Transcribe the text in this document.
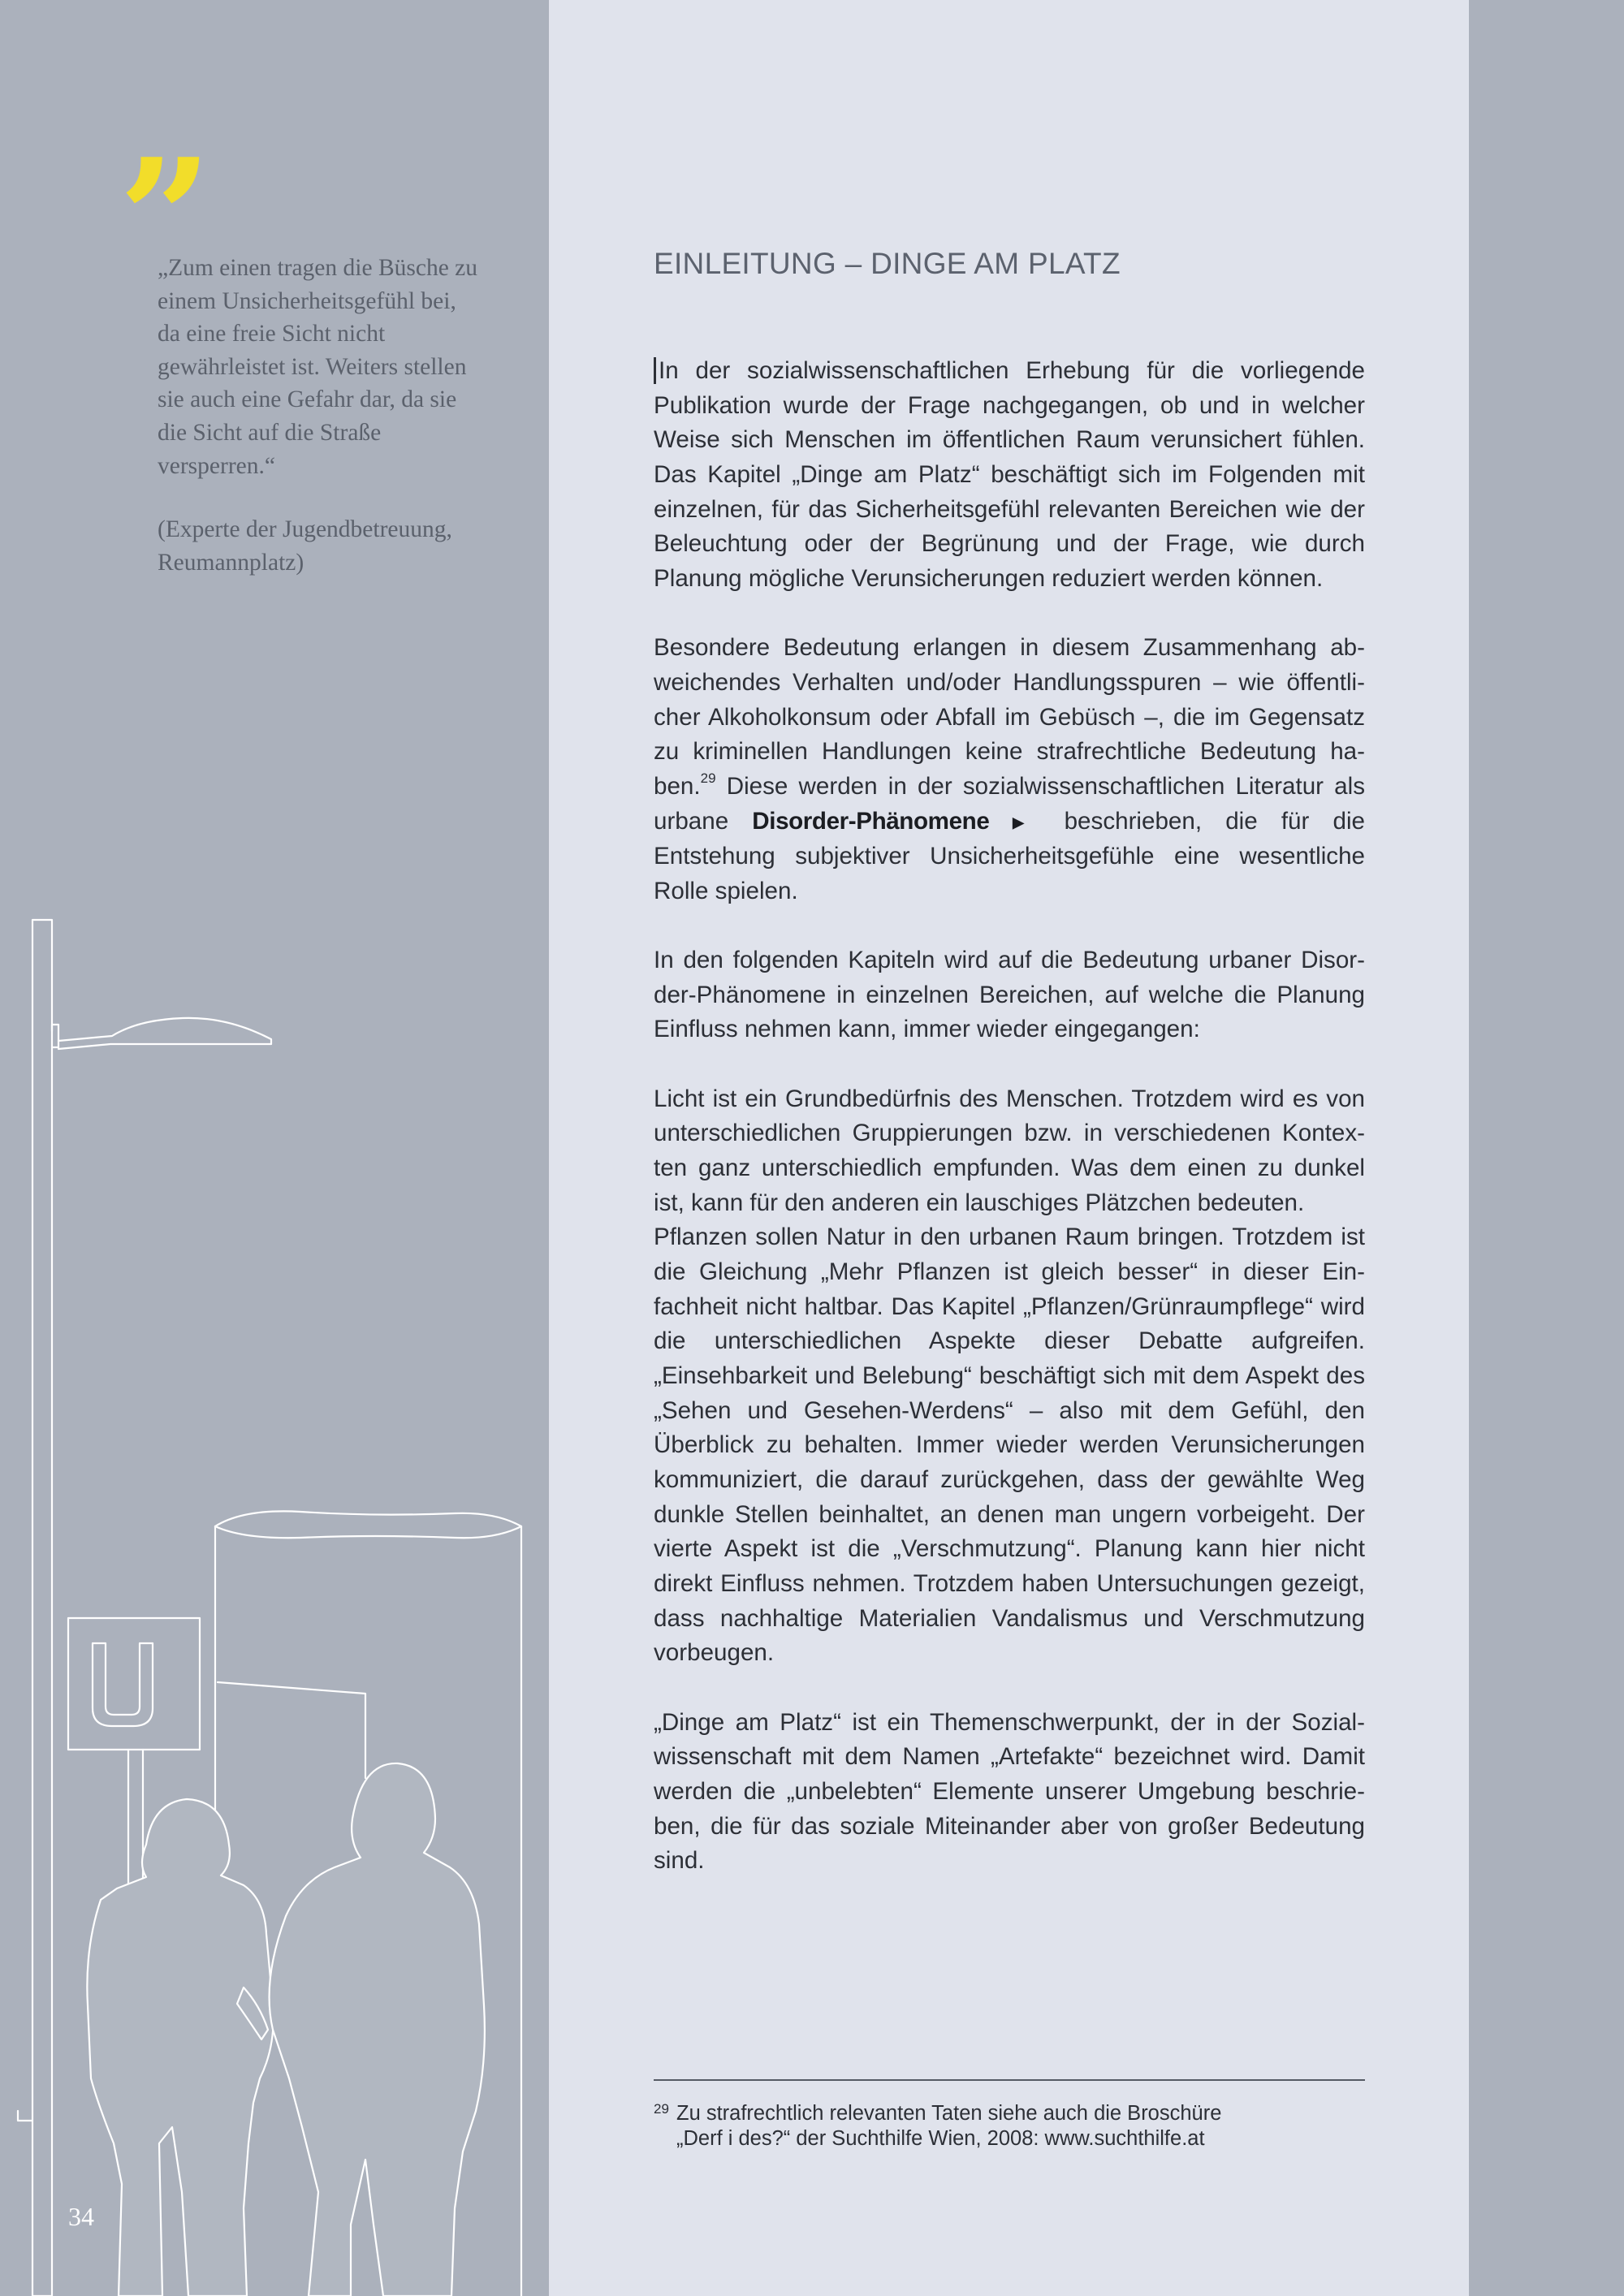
”

„Zum einen tragen die Büsche zu einem Unsicherheitsgefühl bei, da eine freie Sicht nicht gewährleistet ist. Weiters stellen sie auch eine Gefahr dar, da sie die Sicht auf die Straße versperren.“

(Experte der Jugendbetreuung, Reumannplatz)

U
34
EINLEITUNG – DINGE AM PLATZ

In der sozialwissenschaftlichen Erhebung für die vorliegende Publikation wurde der Frage nachgegangen, ob und in welcher Weise sich Menschen im öffentlichen Raum verunsichert fühlen. Das Kapitel „Dinge am Platz“ beschäftigt sich im Folgenden mit einzelnen, für das Sicherheitsgefühl relevanten Bereichen wie der Beleuchtung oder der Begrünung und der Frage, wie durch Planung mögliche Verunsicherungen reduziert werden können.

Besondere Bedeutung erlangen in diesem Zusammenhang abweichendes Verhalten und/oder Handlungsspuren – wie öffentlicher Alkoholkonsum oder Abfall im Gebüsch –, die im Gegensatz zu kriminellen Handlungen keine strafrechtliche Bedeutung haben.$^{29}$ Diese werden in der sozialwissenschaftlichen Literatur als urbane Disorder-Phänomene ▶ beschrieben, die für die Entstehung subjektiver Unsicherheitsgefühle eine wesentliche Rolle spielen.

In den folgenden Kapiteln wird auf die Bedeutung urbaner Disorder-Phänomene in einzelnen Bereichen, auf welche die Planung Einfluss nehmen kann, immer wieder eingegangen:

Licht ist ein Grundbedürfnis des Menschen. Trotzdem wird es von unterschiedlichen Gruppierungen bzw. in verschiedenen Kontexten ganz unterschiedlich empfunden. Was dem einen zu dunkel ist, kann für den anderen ein lauschiges Plätzchen bedeuten.

Pflanzen sollen Natur in den urbanen Raum bringen. Trotzdem ist die Gleichung „Mehr Pflanzen ist gleich besser“ in dieser Einfachheit nicht haltbar. Das Kapitel „Pflanzen/Grünraumpflege“ wird die unterschiedlichen Aspekte dieser Debatte aufgreifen. „Einsehbarkeit und Belebung“ beschäftigt sich mit dem Aspekt des „Sehen und Gesehen-Werdens“ – also mit dem Gefühl, den Überblick zu behalten. Immer wieder werden Verunsicherungen kommuniziert, die darauf zurückgehen, dass der gewählte Weg dunkle Stellen beinhaltet, an denen man ungern vorbeigeht. Der vierte Aspekt ist die „Verschmutzung“. Planung kann hier nicht direkt Einfluss nehmen. Trotzdem haben Untersuchungen gezeigt, dass nachhaltige Materialien Vandalismus und Verschmutzung vorbeugen.

„Dinge am Platz“ ist ein Themenschwerpunkt, der in der Sozialwissenschaft mit dem Namen „Artefakte“ bezeichnet wird. Damit werden die „unbelebten“ Elemente unserer Umgebung beschrieben, die für das soziale Miteinander aber von großer Bedeutung sind.

29 Zu strafrechtlich relevanten Taten siehe auch die Broschüre
„Derf i des?“ der Suchthilfe Wien, 2008: www.suchthilfe.at
